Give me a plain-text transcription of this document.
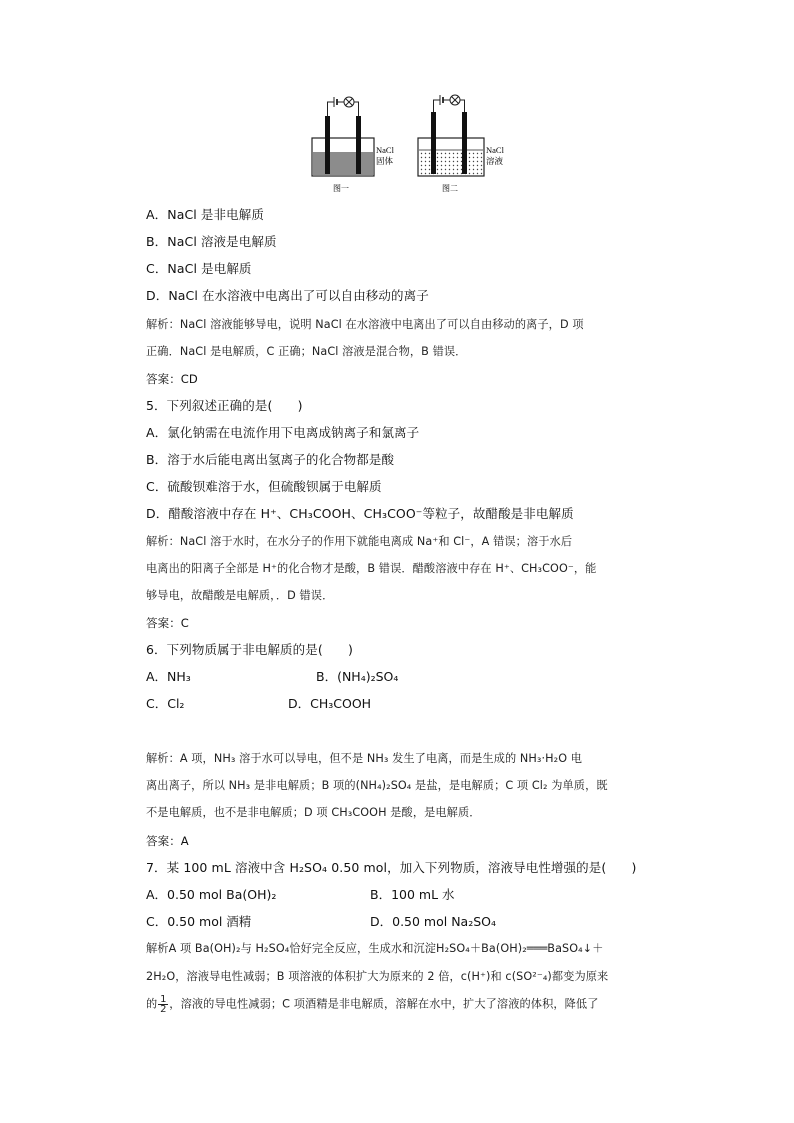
NaCl
固体
NaCl
溶液
图一	图二
A．NaCl 是非电解质
B．NaCl 溶液是电解质
C．NaCl 是电解质
D．NaCl 在水溶液中电离出了可以自由移动的离子
解析：NaCl 溶液能够导电，说明 NaCl 在水溶液中电离出了可以自由移动的离子，D 项
正确．NaCl 是电解质，C 正确；NaCl 溶液是混合物，B 错误．
答案：CD
5．下列叙述正确的是(　　)
A．氯化钠需在电流作用下电离成钠离子和氯离子
B．溶于水后能电离出氢离子的化合物都是酸
C．硫酸钡难溶于水，但硫酸钡属于电解质
D．醋酸溶液中存在 H⁺、CH₃COOH、CH₃COO⁻等粒子，故醋酸是非电解质
解析：NaCl 溶于水时，在水分子的作用下就能电离成 Na⁺和 Cl⁻，A 错误；溶于水后
电离出的阳离子全部是 H⁺的化合物才是酸，B 错误．醋酸溶液中存在 H⁺、CH₃COO⁻，能
够导电，故醋酸是电解质，．D 错误．
答案：C
6．下列物质属于非电解质的是(　　)
解析：A 项，NH₃ 溶于水可以导电，但不是 NH₃ 发生了电离，而是生成的 NH₃·H₂O 电
离出离子，所以 NH₃ 是非电解质；B 项的(NH₄)₂SO₄ 是盐，是电解质；C 项 Cl₂ 为单质，既
不是电解质，也不是非电解质；D 项 CH₃COOH 是酸，是电解质．
答案：A
7．某 100 mL 溶液中含 H₂SO₄ 0.50 mol，加入下列物质，溶液导电性增强的是(　　)
解析A 项 Ba(OH)₂与 H₂SO₄恰好完全反应，生成水和沉淀H₂SO₄＋Ba(OH)₂═══BaSO₄↓＋
2H₂O，溶液导电性减弱；B 项溶液的体积扩大为原来的 2 倍，c(H⁺)和 c(SO²⁻₄)都变为原来
A．NH₃	B．(NH₄)₂SO₄
C．Cl₂	D．CH₃COOH
A．0.50 mol Ba(OH)₂	B．100 mL 水
C．0.50 mol 酒精	D．0.50 mol Na₂SO₄
的 $\frac{1}{2}$ ，溶液的导电性减弱；C 项酒精是非电解质，溶解在水中，扩大了溶液的体积，降低了
